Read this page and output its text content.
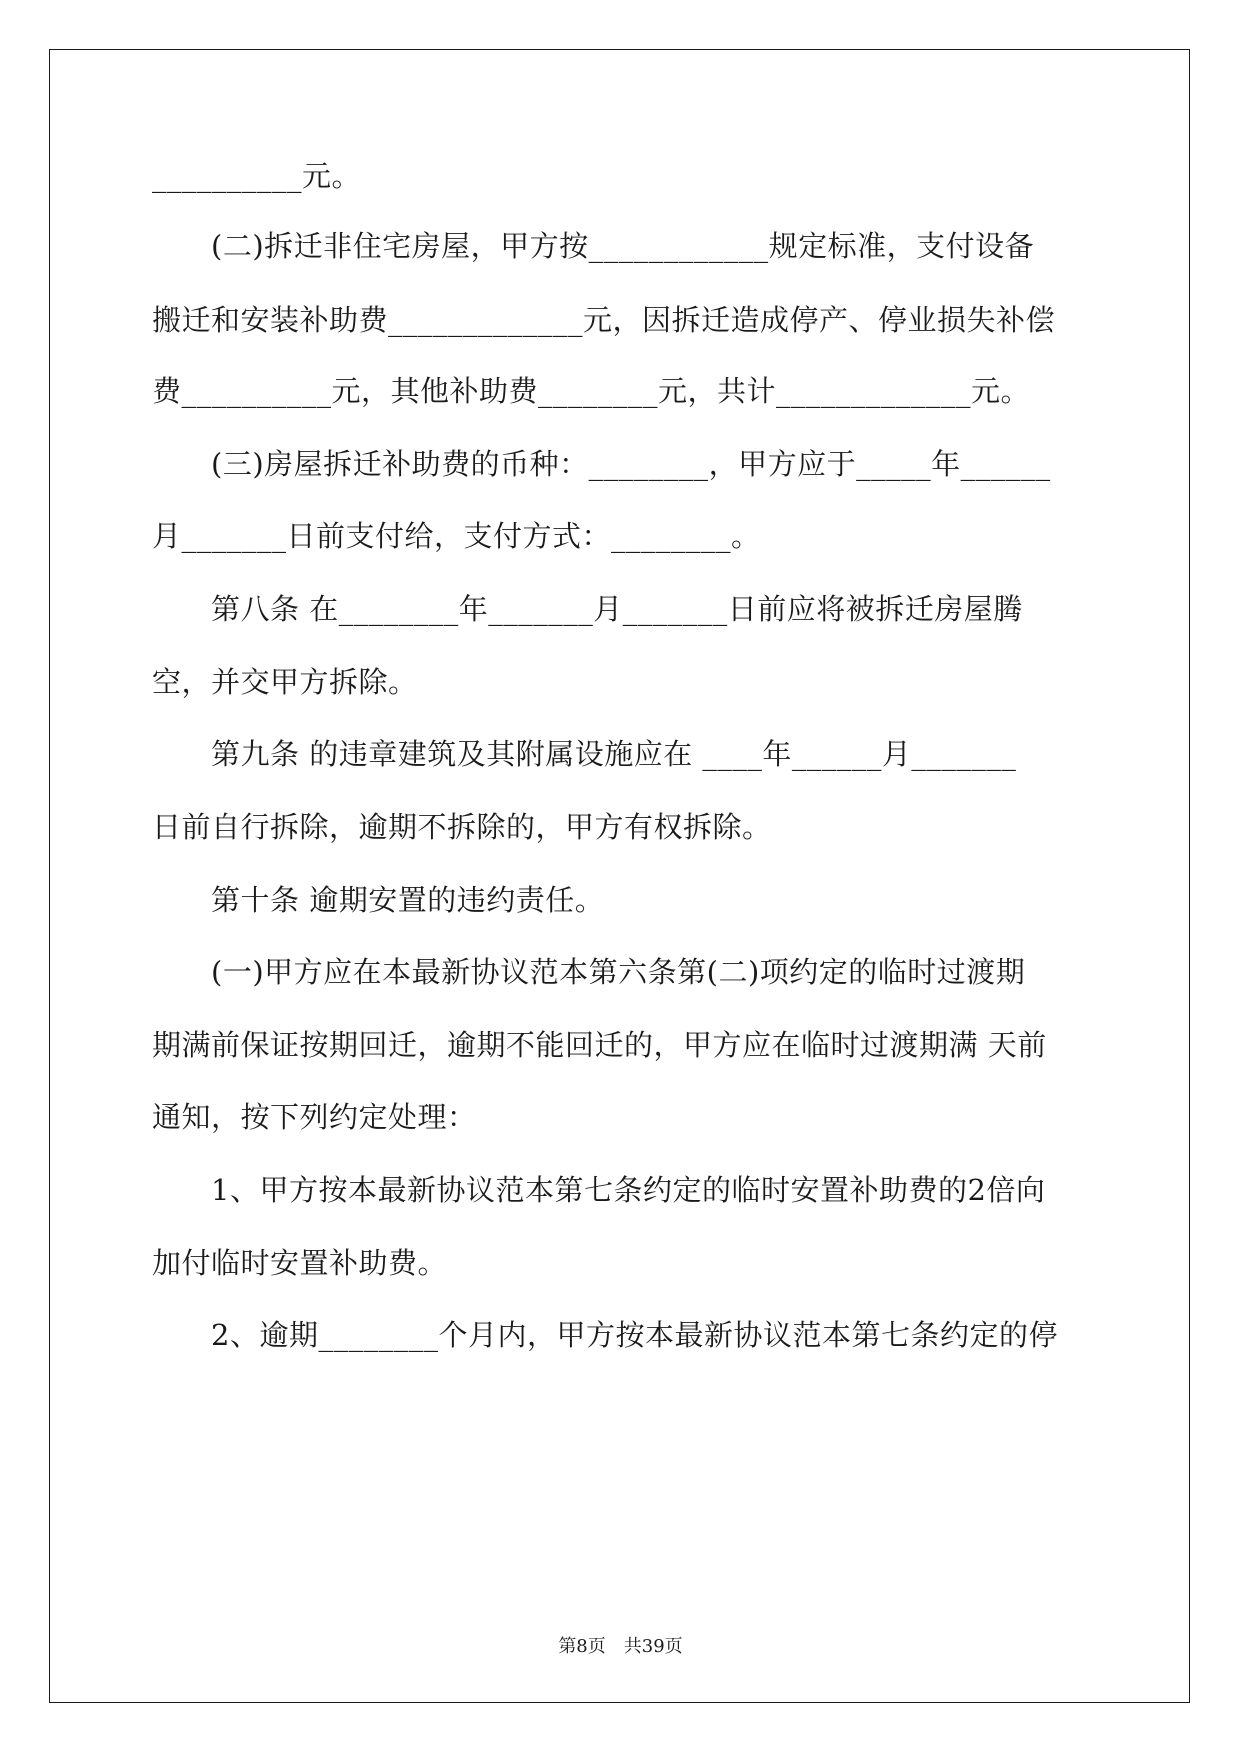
__________元。
(二)拆迁非住宅房屋，甲方按____________规定标准，支付设备
搬迁和安装补助费_____________元，因拆迁造成停产、停业损失补偿
费__________元，其他补助费________元，共计_____________元。
(三)房屋拆迁补助费的币种：________，甲方应于_____年______
月_______日前支付给，支付方式：________。
第八条 在________年_______月_______日前应将被拆迁房屋腾
空，并交甲方拆除。
第九条 的违章建筑及其附属设施应在 ____年______月_______
日前自行拆除，逾期不拆除的，甲方有权拆除。
第十条 逾期安置的违约责任。
(一)甲方应在本最新协议范本第六条第(二)项约定的临时过渡期
期满前保证按期回迁，逾期不能回迁的，甲方应在临时过渡期满 天前
通知，按下列约定处理：
1、甲方按本最新协议范本第七条约定的临时安置补助费的2倍向
加付临时安置补助费。
2、逾期________个月内，甲方按本最新协议范本第七条约定的停
第8页　共39页
